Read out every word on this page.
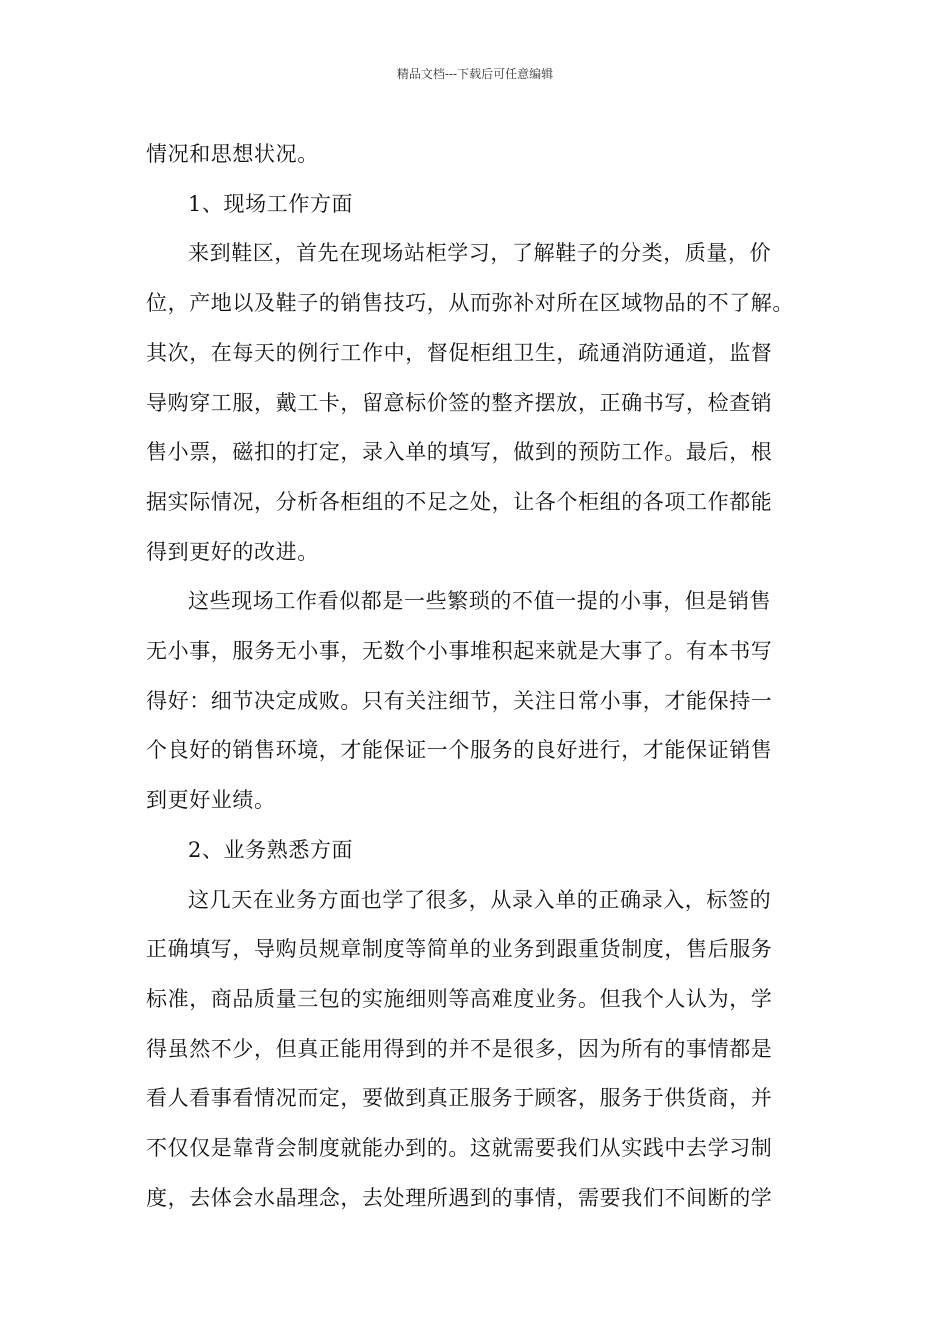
精品文档---下载后可任意编辑

情况和思想状况。

1、现场工作方面

来到鞋区，首先在现场站柜学习，了解鞋子的分类，质量，价
位，产地以及鞋子的销售技巧，从而弥补对所在区域物品的不了解。
其次，在每天的例行工作中，督促柜组卫生，疏通消防通道，监督
导购穿工服，戴工卡，留意标价签的整齐摆放，正确书写，检查销
售小票，磁扣的打定，录入单的填写，做到的预防工作。最后，根
据实际情况，分析各柜组的不足之处，让各个柜组的各项工作都能
得到更好的改进。

这些现场工作看似都是一些繁琐的不值一提的小事，但是销售
无小事，服务无小事，无数个小事堆积起来就是大事了。有本书写
得好：细节决定成败。只有关注细节，关注日常小事，才能保持一
个良好的销售环境，才能保证一个服务的良好进行，才能保证销售
到更好业绩。

2、业务熟悉方面

这几天在业务方面也学了很多，从录入单的正确录入，标签的
正确填写，导购员规章制度等简单的业务到跟重货制度，售后服务
标准，商品质量三包的实施细则等高难度业务。但我个人认为，学
得虽然不少，但真正能用得到的并不是很多，因为所有的事情都是
看人看事看情况而定，要做到真正服务于顾客，服务于供货商，并
不仅仅是靠背会制度就能办到的。这就需要我们从实践中去学习制
度，去体会水晶理念，去处理所遇到的事情，需要我们不间断的学
